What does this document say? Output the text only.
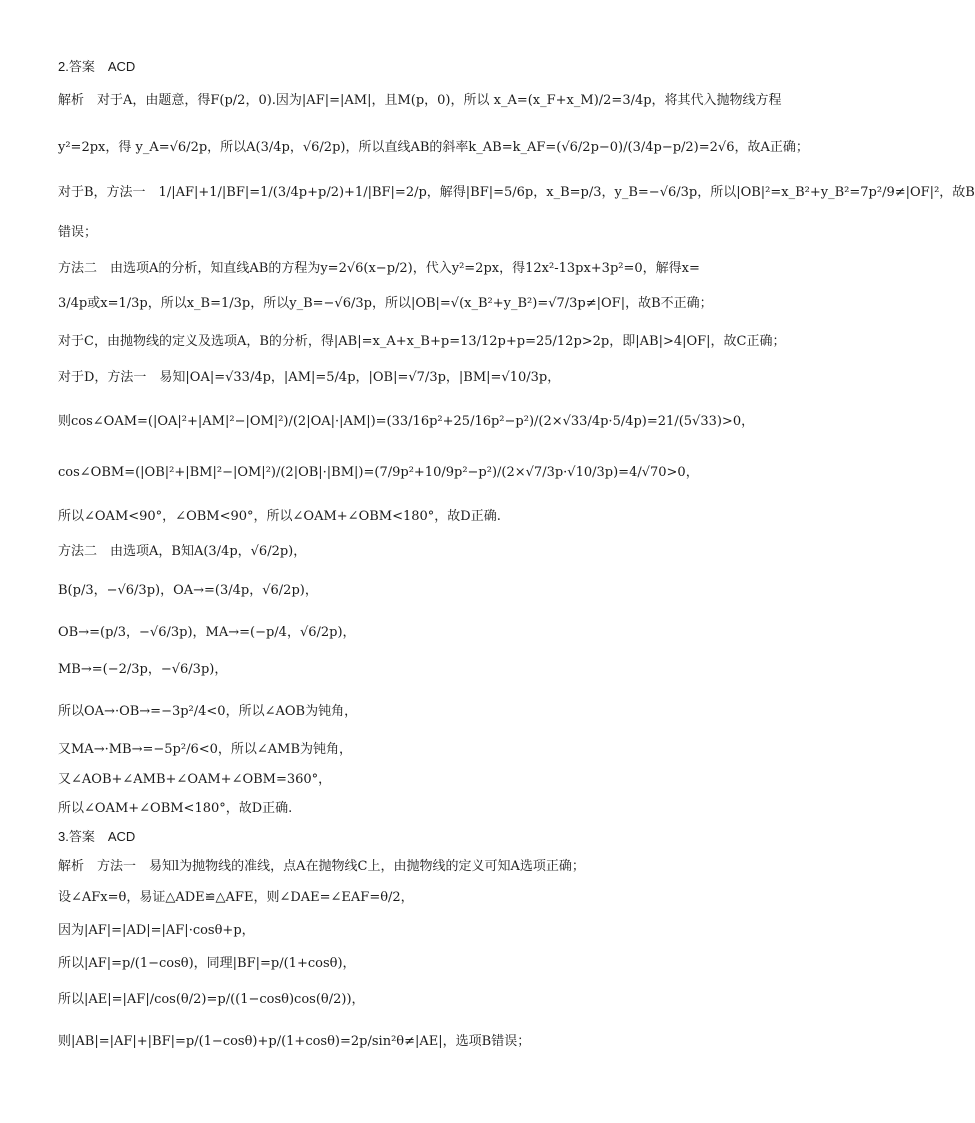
2.答案　ACD
解析　对于A，由题意，得F(p/2，0).因为|AF|=|AM|，且M(p，0)，所以 x_A=(x_F+x_M)/2=3/4p，将其代入抛物线方程
y²=2px，得 y_A=√6/2p，所以A(3/4p，√6/2p)，所以直线AB的斜率k_AB=k_AF=(√6/2p−0)/(3/4p−p/2)=2√6，故A正确；
对于B，方法一　1/|AF|+1/|BF|=1/(3/4p+p/2)+1/|BF|=2/p，解得|BF|=5/6p，x_B=p/3，y_B=−√6/3p，所以|OB|²=x_B²+y_B²=7p²/9≠|OF|²，故B
错误；
方法二　由选项A的分析，知直线AB的方程为y=2√6(x−p/2)，代入y²=2px，得12x²-13px+3p²=0，解得x=
3/4p或x=1/3p，所以x_B=1/3p，所以y_B=−√6/3p，所以|OB|=√(x_B²+y_B²)=√7/3p≠|OF|，故B不正确；
对于C，由抛物线的定义及选项A，B的分析，得|AB|=x_A+x_B+p=13/12p+p=25/12p>2p，即|AB|>4|OF|，故C正确；
对于D，方法一　易知|OA|=√33/4p，|AM|=5/4p，|OB|=√7/3p，|BM|=√10/3p，
则cos∠OAM=(|OA|²+|AM|²−|OM|²)/(2|OA|·|AM|)=(33/16p²+25/16p²−p²)/(2×√33/4p·5/4p)=21/(5√33)>0，
cos∠OBM=(|OB|²+|BM|²−|OM|²)/(2|OB|·|BM|)=(7/9p²+10/9p²−p²)/(2×√7/3p·√10/3p)=4/√70>0，
所以∠OAM<90°，∠OBM<90°，所以∠OAM+∠OBM<180°，故D正确.
方法二　由选项A，B知A(3/4p，√6/2p)，
B(p/3，−√6/3p)，OA→=(3/4p，√6/2p)，
OB→=(p/3，−√6/3p)，MA→=(−p/4，√6/2p)，
MB→=(−2/3p，−√6/3p)，
所以OA→·OB→=−3p²/4<0，所以∠AOB为钝角，
又MA→·MB→=−5p²/6<0，所以∠AMB为钝角，
又∠AOB+∠AMB+∠OAM+∠OBM=360°，
所以∠OAM+∠OBM<180°，故D正确.
3.答案　ACD
解析　方法一　易知l为抛物线的准线，点A在抛物线C上，由抛物线的定义可知A选项正确；
设∠AFx=θ，易证△ADE≌△AFE，则∠DAE=∠EAF=θ/2，
因为|AF|=|AD|=|AF|·cosθ+p，
所以|AF|=p/(1−cosθ)，同理|BF|=p/(1+cosθ)，
所以|AE|=|AF|/cos(θ/2)=p/((1−cosθ)cos(θ/2))，
则|AB|=|AF|+|BF|=p/(1−cosθ)+p/(1+cosθ)=2p/sin²θ≠|AE|，选项B错误；
